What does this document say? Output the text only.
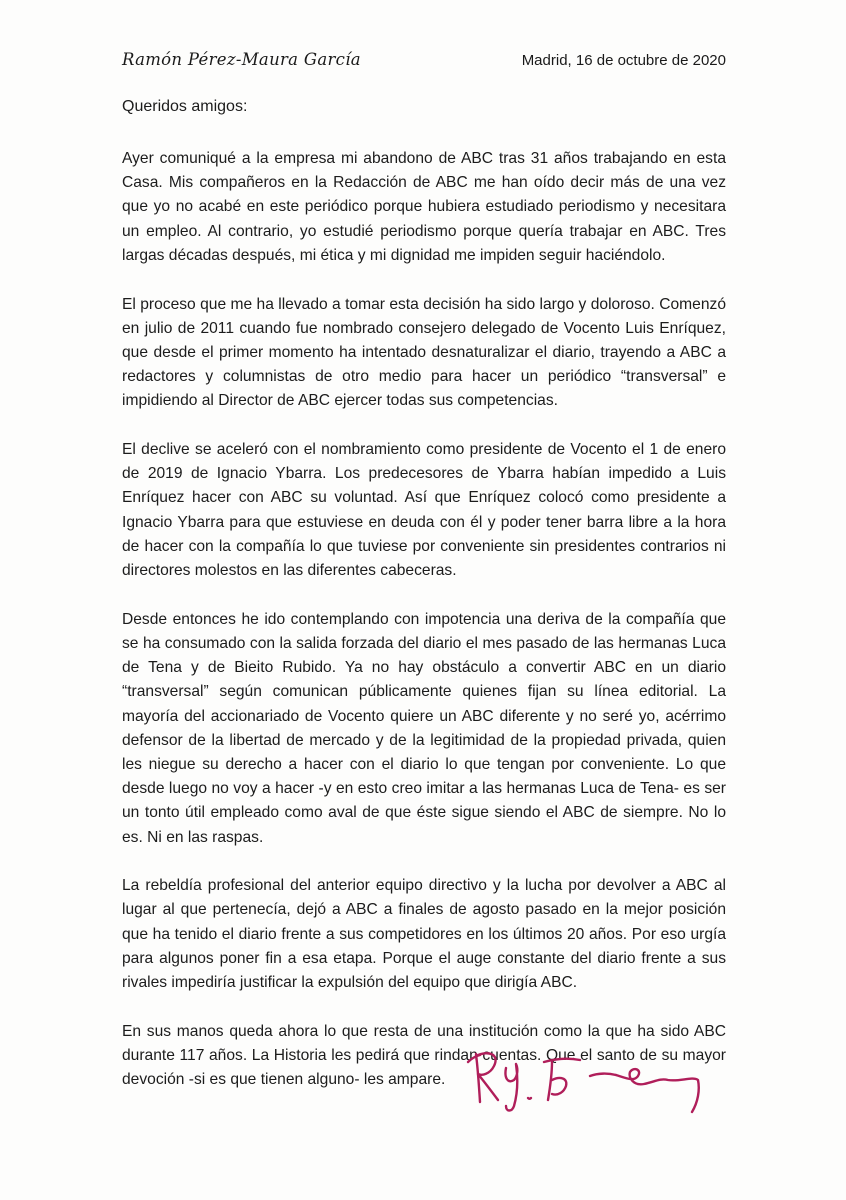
Ramón Pérez-Maura García	Madrid, 16 de octubre de 2020

Queridos amigos:

Ayer comuniqué a la empresa mi abandono de ABC tras 31 años trabajando en esta Casa. Mis compañeros en la Redacción de ABC me han oído decir más de una vez que yo no acabé en este periódico porque hubiera estudiado periodismo y necesitara un empleo. Al contrario, yo estudié periodismo porque quería trabajar en ABC. Tres largas décadas después, mi ética y mi dignidad me impiden seguir haciéndolo.

El proceso que me ha llevado a tomar esta decisión ha sido largo y doloroso. Comenzó en julio de 2011 cuando fue nombrado consejero delegado de Vocento Luis Enríquez, que desde el primer momento ha intentado desnaturalizar el diario, trayendo a ABC a redactores y columnistas de otro medio para hacer un periódico “transversal” e impidiendo al Director de ABC ejercer todas sus competencias.

El declive se aceleró con el nombramiento como presidente de Vocento el 1 de enero de 2019 de Ignacio Ybarra. Los predecesores de Ybarra habían impedido a Luis Enríquez hacer con ABC su voluntad. Así que Enríquez colocó como presidente a Ignacio Ybarra para que estuviese en deuda con él y poder tener barra libre a la hora de hacer con la compañía lo que tuviese por conveniente sin presidentes contrarios ni directores molestos en las diferentes cabeceras.

Desde entonces he ido contemplando con impotencia una deriva de la compañía que se ha consumado con la salida forzada del diario el mes pasado de las hermanas Luca de Tena y de Bieito Rubido. Ya no hay obstáculo a convertir ABC en un diario “transversal” según comunican públicamente quienes fijan su línea editorial. La mayoría del accionariado de Vocento quiere un ABC diferente y no seré yo, acérrimo defensor de la libertad de mercado y de la legitimidad de la propiedad privada, quien les niegue su derecho a hacer con el diario lo que tengan por conveniente. Lo que desde luego no voy a hacer -y en esto creo imitar a las hermanas Luca de Tena- es ser un tonto útil empleado como aval de que éste sigue siendo el ABC de siempre. No lo es. Ni en las raspas.

La rebeldía profesional del anterior equipo directivo y la lucha por devolver a ABC al lugar al que pertenecía, dejó a ABC a finales de agosto pasado en la mejor posición que ha tenido el diario frente a sus competidores en los últimos 20 años. Por eso urgía para algunos poner fin a esa etapa. Porque el auge constante del diario frente a sus rivales impediría justificar la expulsión del equipo que dirigía ABC.

En sus manos queda ahora lo que resta de una institución como la que ha sido ABC durante 117 años. La Historia les pedirá que rindan cuentas. Que el santo de su mayor devoción -si es que tienen alguno- les ampare.
